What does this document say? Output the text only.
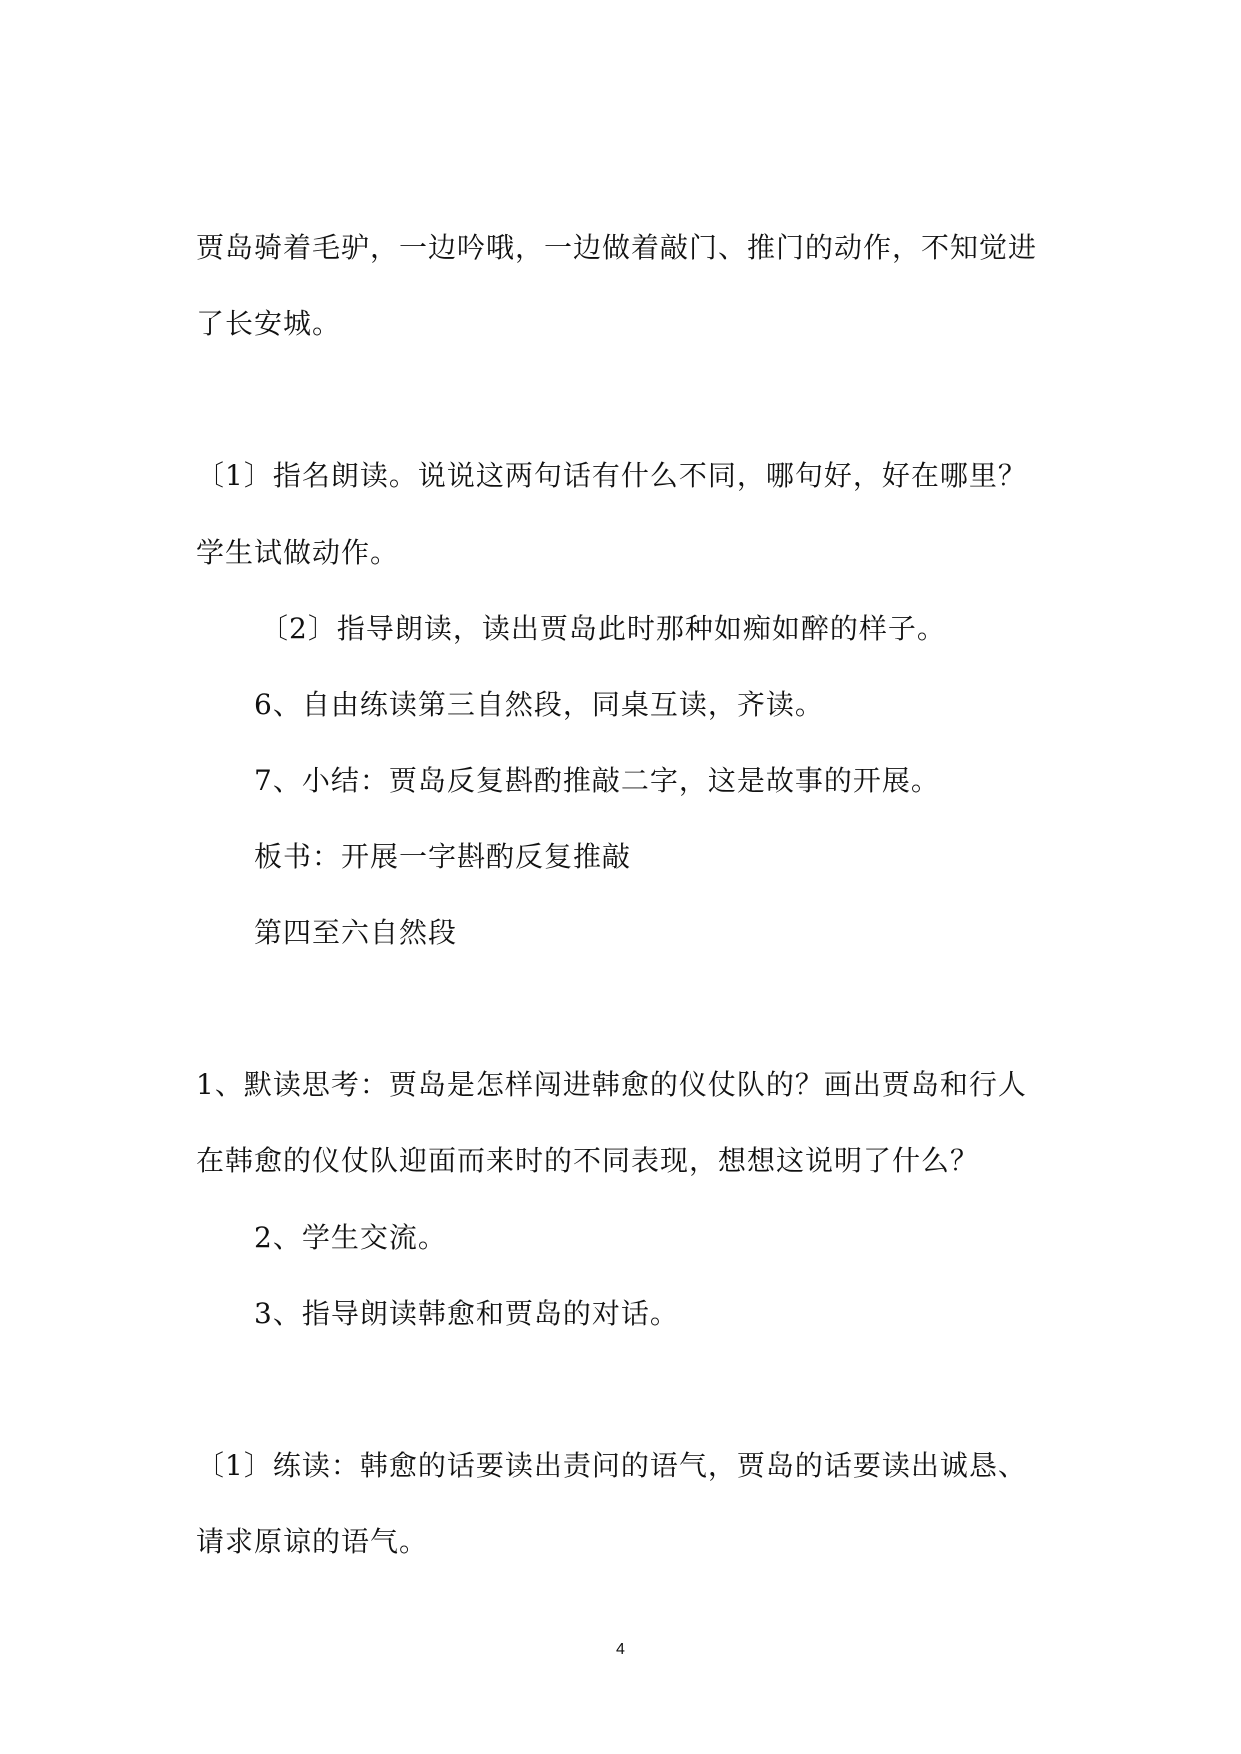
贾岛骑着毛驴，一边吟哦，一边做着敲门、推门的动作，不知觉进
了长安城。
〔1〕指名朗读。说说这两句话有什么不同，哪句好，好在哪里？
学生试做动作。
〔2〕指导朗读，读出贾岛此时那种如痴如醉的样子。
6、自由练读第三自然段，同桌互读，齐读。
7、小结：贾岛反复斟酌推敲二字，这是故事的开展。
板书：开展一字斟酌反复推敲
第四至六自然段
1、默读思考：贾岛是怎样闯进韩愈的仪仗队的？画出贾岛和行人
在韩愈的仪仗队迎面而来时的不同表现，想想这说明了什么？
2、学生交流。
3、指导朗读韩愈和贾岛的对话。
〔1〕练读：韩愈的话要读出责问的语气，贾岛的话要读出诚恳、
请求原谅的语气。
4
